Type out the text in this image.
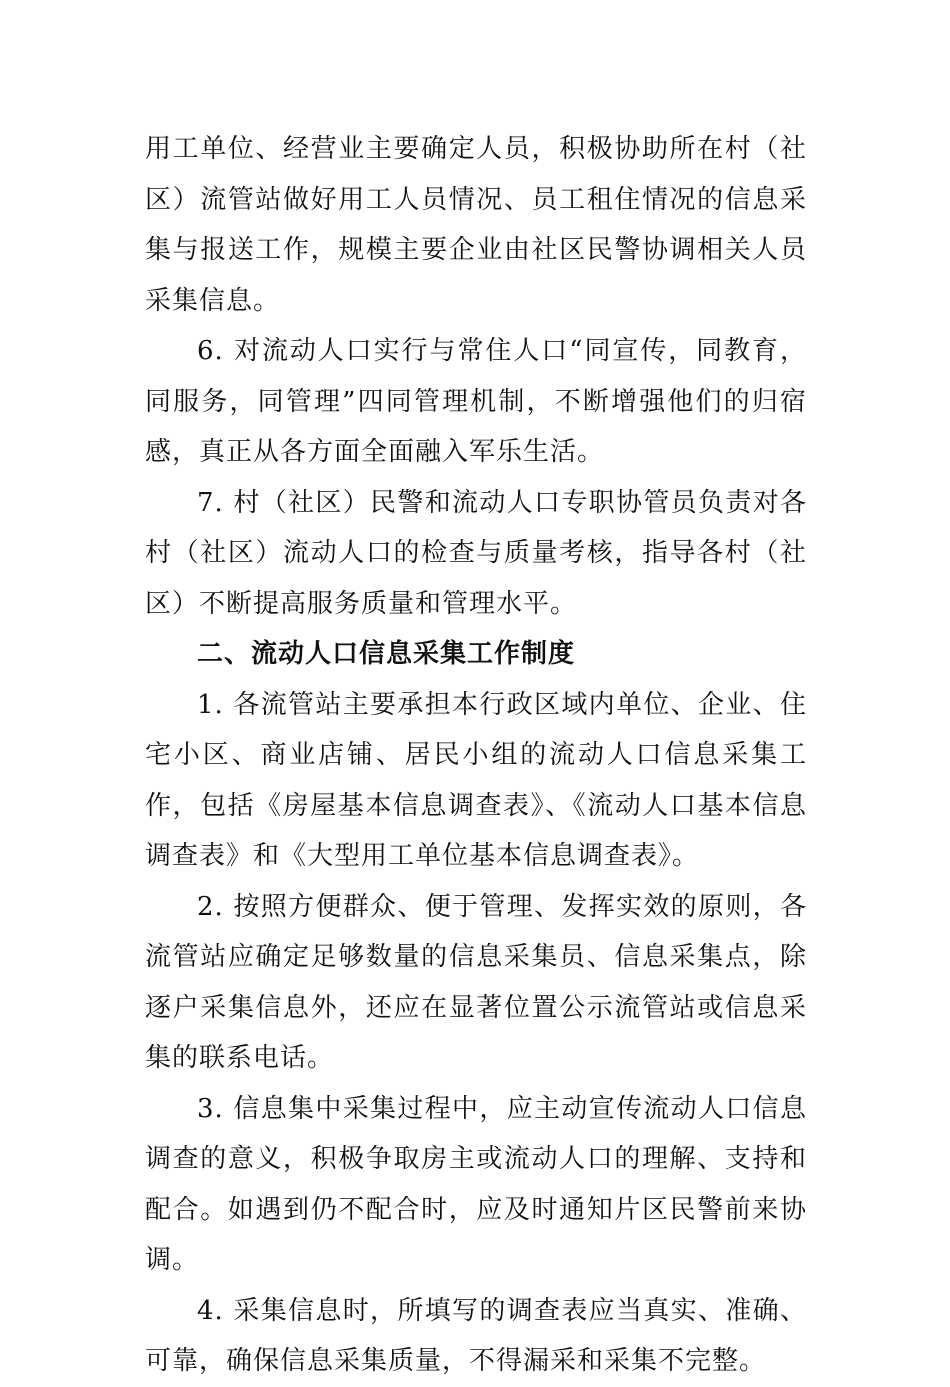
用工单位、经营业主要确定人员，积极协助所在村（社区）流管站做好用工人员情况、员工租住情况的信息采集与报送工作，规模主要企业由社区民警协调相关人员采集信息。

6. 对流动人口实行与常住人口“同宣传，同教育，同服务，同管理”四同管理机制，不断增强他们的归宿感，真正从各方面全面融入军乐生活。

7. 村（社区）民警和流动人口专职协管员负责对各村（社区）流动人口的检查与质量考核，指导各村（社区）不断提高服务质量和管理水平。

二、流动人口信息采集工作制度

1. 各流管站主要承担本行政区域内单位、企业、住宅小区、商业店铺、居民小组的流动人口信息采集工作，包括《房屋基本信息调查表》、《流动人口基本信息调查表》和《大型用工单位基本信息调查表》。

2. 按照方便群众、便于管理、发挥实效的原则，各流管站应确定足够数量的信息采集员、信息采集点，除逐户采集信息外，还应在显著位置公示流管站或信息采集的联系电话。

3. 信息集中采集过程中，应主动宣传流动人口信息调查的意义，积极争取房主或流动人口的理解、支持和配合。如遇到仍不配合时，应及时通知片区民警前来协调。

4. 采集信息时，所填写的调查表应当真实、准确、可靠，确保信息采集质量，不得漏采和采集不完整。
